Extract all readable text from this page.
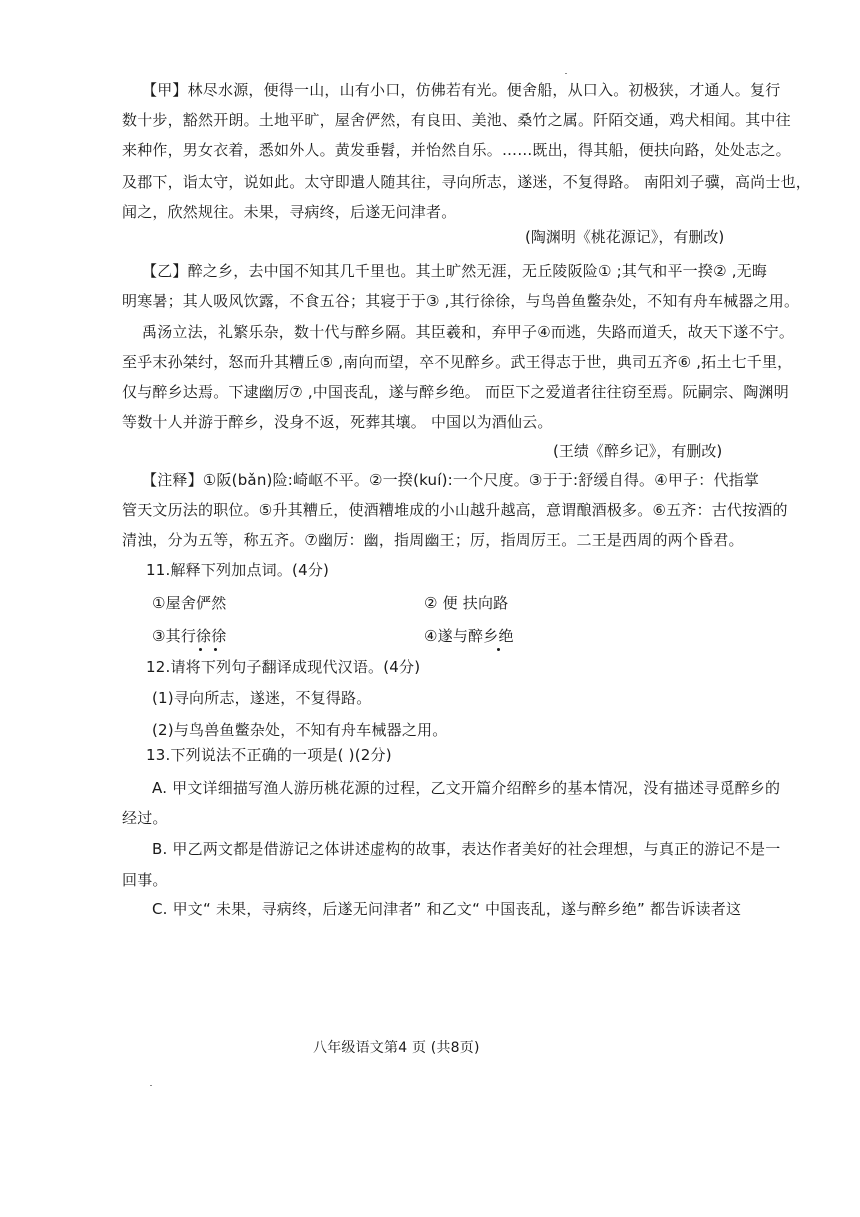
【甲】林尽水源，便得一山，山有小口，仿佛若有光。便舍船，从口入。初极狭，才通人。复行
数十步，豁然开朗。土地平旷，屋舍俨然，有良田、美池、桑竹之属。阡陌交通，鸡犬相闻。其中往
来种作，男女衣着，悉如外人。黄发垂髫，并怡然自乐。……既出，得其船，便扶向路，处处志之。
及郡下，诣太守，说如此。太守即遣人随其往，寻向所志，遂迷，不复得路。 南阳刘子骥，高尚士也，
闻之，欣然规往。未果，寻病终，后遂无问津者。
(陶渊明《桃花源记》，有删改)
【乙】醉之乡，去中国不知其几千里也。其土旷然无涯，无丘陵阪险① ;其气和平一揆② ,无晦
明寒暑；其人吸风饮露，不食五谷；其寝于于③ ,其行徐徐，与鸟兽鱼鳖杂处，不知有舟车械器之用。
禹汤立法，礼繁乐杂，数十代与醉乡隔。其臣羲和，弃甲子④而逃，失路而道夭，故天下遂不宁。
至乎末孙桀纣，怒而升其糟丘⑤ ,南向而望，卒不见醉乡。武王得志于世，典司五齐⑥ ,拓土七千里，
仅与醉乡达焉。下逮幽厉⑦ ,中国丧乱，遂与醉乡绝。 而臣下之爱道者往往窃至焉。阮嗣宗、陶渊明
等数十人并游于醉乡，没身不返，死葬其壤。 中国以为酒仙云。
(王绩《醉乡记》，有删改)
【注释】①阪(bǎn)险:崎岖不平。②一揆(kuí):一个尺度。③于于:舒缓自得。④甲子：代指掌
管天文历法的职位。⑤升其糟丘，使酒糟堆成的小山越升越高，意谓酿酒极多。⑥五齐：古代按酒的
清浊，分为五等，称五齐。⑦幽厉：幽，指周幽王；厉，指周厉王。二王是西周的两个昏君。
11.解释下列加点词。(4分)
①屋舍俨然	② 便 扶向路
③其行徐徐	④遂与醉乡绝
12.请将下列句子翻译成现代汉语。(4分)
(1)寻向所志，遂迷，不复得路。
(2)与鸟兽鱼鳖杂处，不知有舟车械器之用。
13.下列说法不正确的一项是( )(2分)
A. 甲文详细描写渔人游历桃花源的过程，乙文开篇介绍醉乡的基本情况，没有描述寻觅醉乡的
经过。
B. 甲乙两文都是借游记之体讲述虚构的故事，表达作者美好的社会理想，与真正的游记不是一
回事。
C. 甲文“ 未果，寻病终，后遂无问津者” 和乙文“ 中国丧乱，遂与醉乡绝” 都告诉读者这
八年级语文第4 页 (共8页)
